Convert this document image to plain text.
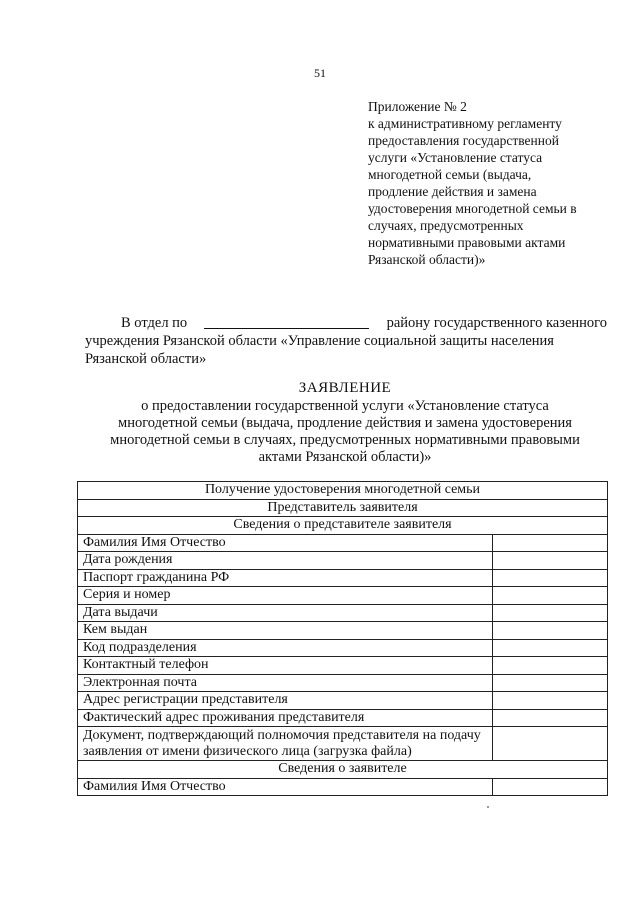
51
Приложение № 2
к административному регламенту
предоставления государственной
услуги «Установление статуса
многодетной семьи (выдача,
продление действия и замена
удостоверения многодетной семьи в
случаях, предусмотренных
нормативными правовыми актами
Рязанской области)»
В отдел по	району государственного казенного
учреждения Рязанской области «Управление социальной защиты населения
Рязанской области»
ЗАЯВЛЕНИЕ
о предоставлении государственной услуги «Установление статуса
многодетной семьи (выдача, продление действия и замена удостоверения
многодетной семьи в случаях, предусмотренных нормативными правовыми
актами Рязанской области)»
Получение удостоверения многодетной семьи	
Представитель заявителя	
Сведения о представителе заявителя	
Фамилия Имя Отчество	
Дата рождения	
Паспорт гражданина РФ	
Серия и номер	
Дата выдачи	
Кем выдан	
Код подразделения	
Контактный телефон	
Электронная почта	
Адрес регистрации представителя	
Фактический адрес проживания представителя	
Документ, подтверждающий полномочия представителя на подачу заявления от имени физического лица (загрузка файла)	
Сведения о заявителе	
Фамилия Имя Отчество	
